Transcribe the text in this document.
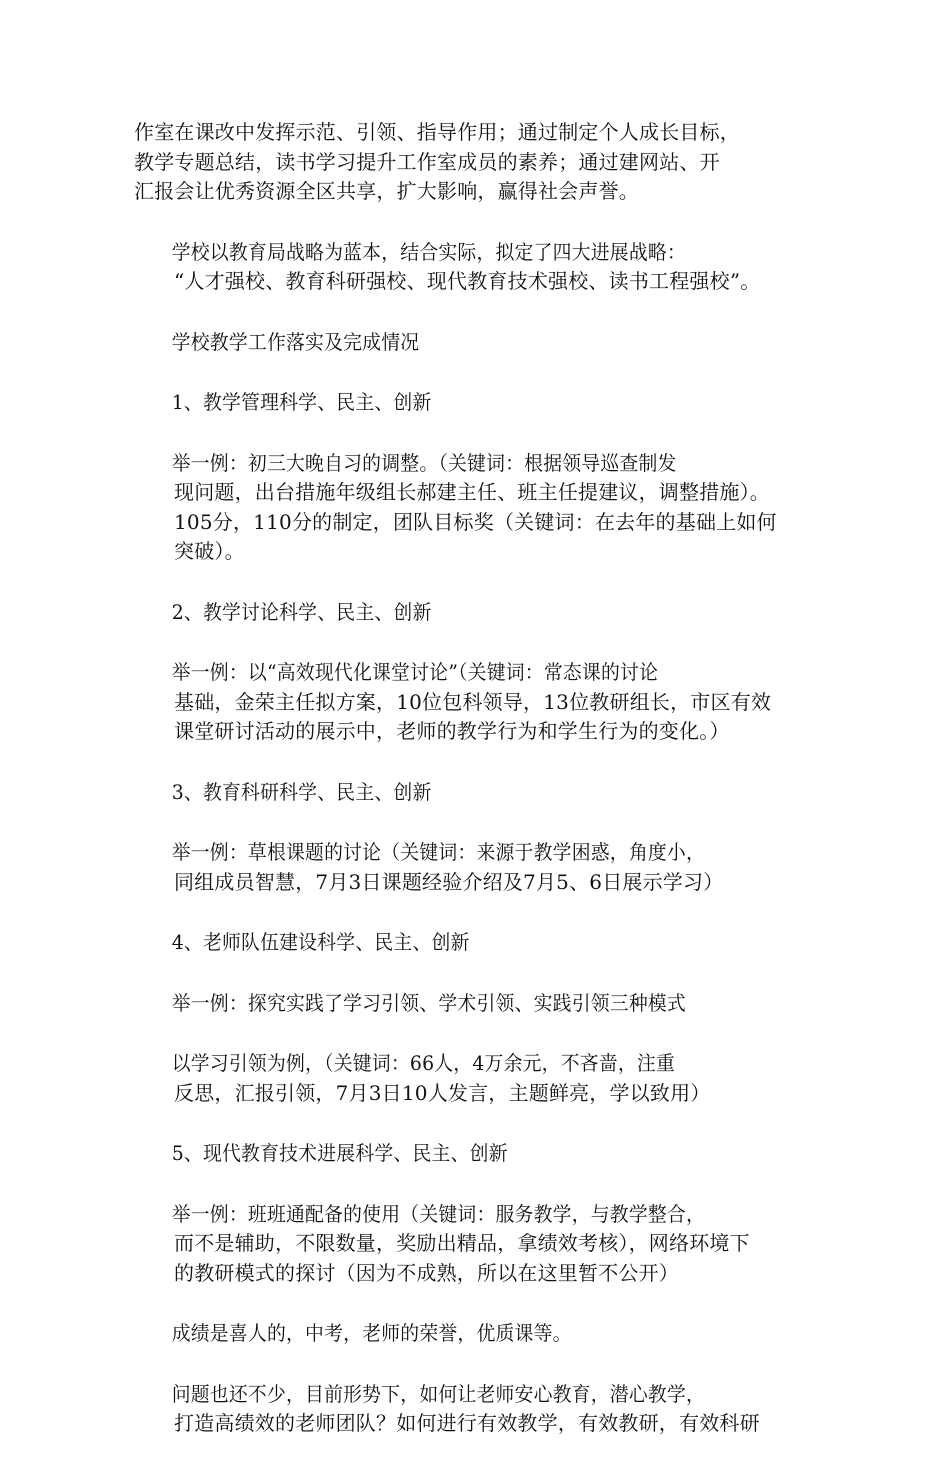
作室在课改中发挥示范、引领、指导作用；通过制定个人成长目标，
教学专题总结，读书学习提升工作室成员的素养；通过建网站、开
汇报会让优秀资源全区共享，扩大影响，赢得社会声誉。
学校以教育局战略为蓝本，结合实际，拟定了四大进展战略：
“人才强校、教育科研强校、现代教育技术强校、读书工程强校”。
学校教学工作落实及完成情况
1、教学管理科学、民主、创新
举一例：初三大晚自习的调整。（关键词：根据领导巡查制发
现问题，出台措施年级组长郝建主任、班主任提建议，调整措施）。
105分，110分的制定，团队目标奖（关键词：在去年的基础上如何
突破）。
2、教学讨论科学、民主、创新
举一例：以“高效现代化课堂讨论”（关键词：常态课的讨论
基础，金荣主任拟方案，10位包科领导，13位教研组长，市区有效
课堂研讨活动的展示中，老师的教学行为和学生行为的变化。）
3、教育科研科学、民主、创新
举一例：草根课题的讨论（关键词：来源于教学困惑，角度小，
同组成员智慧，7月3日课题经验介绍及7月5、6日展示学习）
4、老师队伍建设科学、民主、创新
举一例：探究实践了学习引领、学术引领、实践引领三种模式
以学习引领为例，（关键词：66人，4万余元，不吝啬，注重
反思，汇报引领，7月3日10人发言，主题鲜亮，学以致用）
5、现代教育技术进展科学、民主、创新
举一例：班班通配备的使用（关键词：服务教学，与教学整合，
而不是辅助，不限数量，奖励出精品，拿绩效考核），网络环境下
的教研模式的探讨（因为不成熟，所以在这里暂不公开）
成绩是喜人的，中考，老师的荣誉，优质课等。
问题也还不少，目前形势下，如何让老师安心教育，潜心教学，
打造高绩效的老师团队？如何进行有效教学，有效教研，有效科研
